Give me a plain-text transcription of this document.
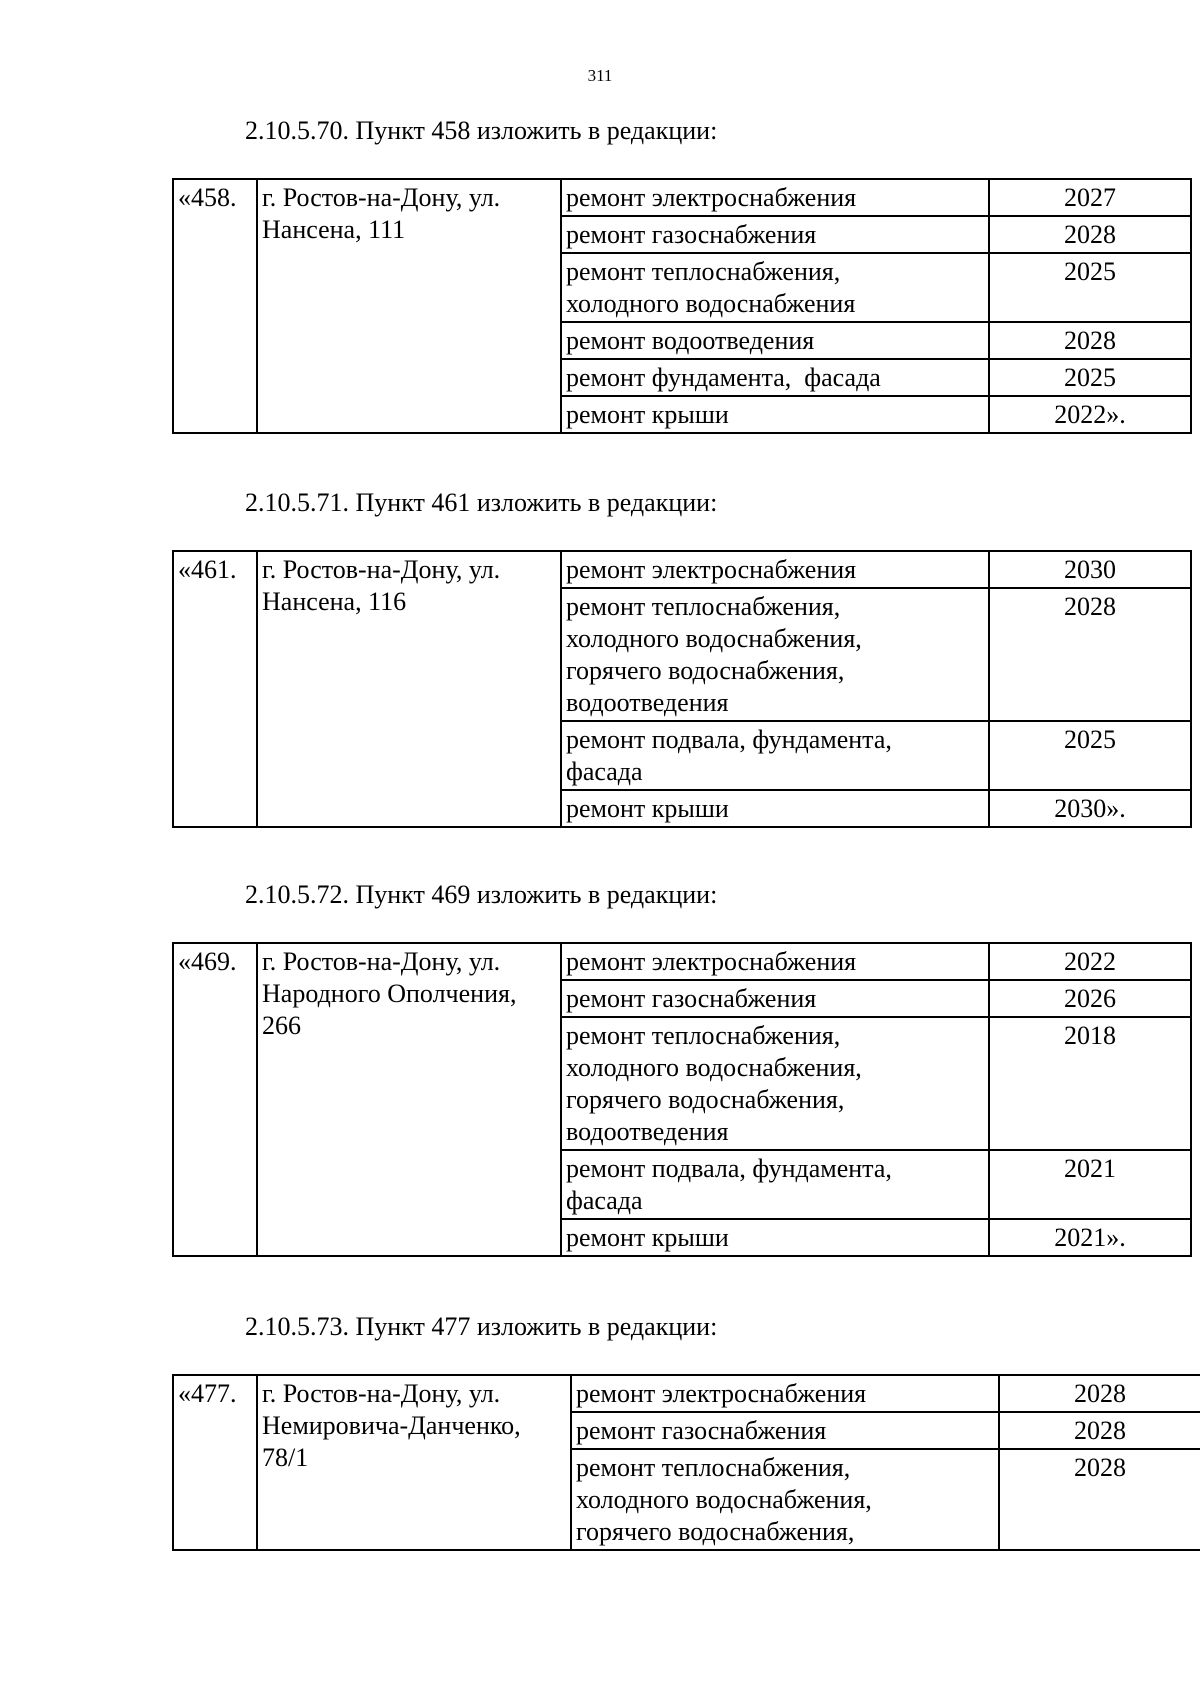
311
2.10.5.70. Пункт 458 изложить в редакции:
«458.	г. Ростов-на-Дону, ул. Нансена, 111	ремонт электроснабжения	2027
		ремонт газоснабжения	2028
		ремонт теплоснабжения, холодного водоснабжения	2025
		ремонт водоотведения	2028
		ремонт фундамента,  фасада	2025
		ремонт крыши	2022».
2.10.5.71. Пункт 461 изложить в редакции:
«461.	г. Ростов-на-Дону, ул. Нансена, 116	ремонт электроснабжения	2030
		ремонт теплоснабжения, холодного водоснабжения, горячего водоснабжения, водоотведения	2028
		ремонт подвала, фундамента, фасада	2025
		ремонт крыши	2030».
2.10.5.72. Пункт 469 изложить в редакции:
«469.	г. Ростов-на-Дону, ул. Народного Ополчения, 266	ремонт электроснабжения	2022
		ремонт газоснабжения	2026
		ремонт теплоснабжения, холодного водоснабжения, горячего водоснабжения, водоотведения	2018
		ремонт подвала, фундамента, фасада	2021
		ремонт крыши	2021».
2.10.5.73. Пункт 477 изложить в редакции:
«477.	г. Ростов-на-Дону, ул. Немировича-Данченко, 78/1	ремонт электроснабжения	2028
		ремонт газоснабжения	2028
		ремонт теплоснабжения, холодного водоснабжения, горячего водоснабжения,	2028
